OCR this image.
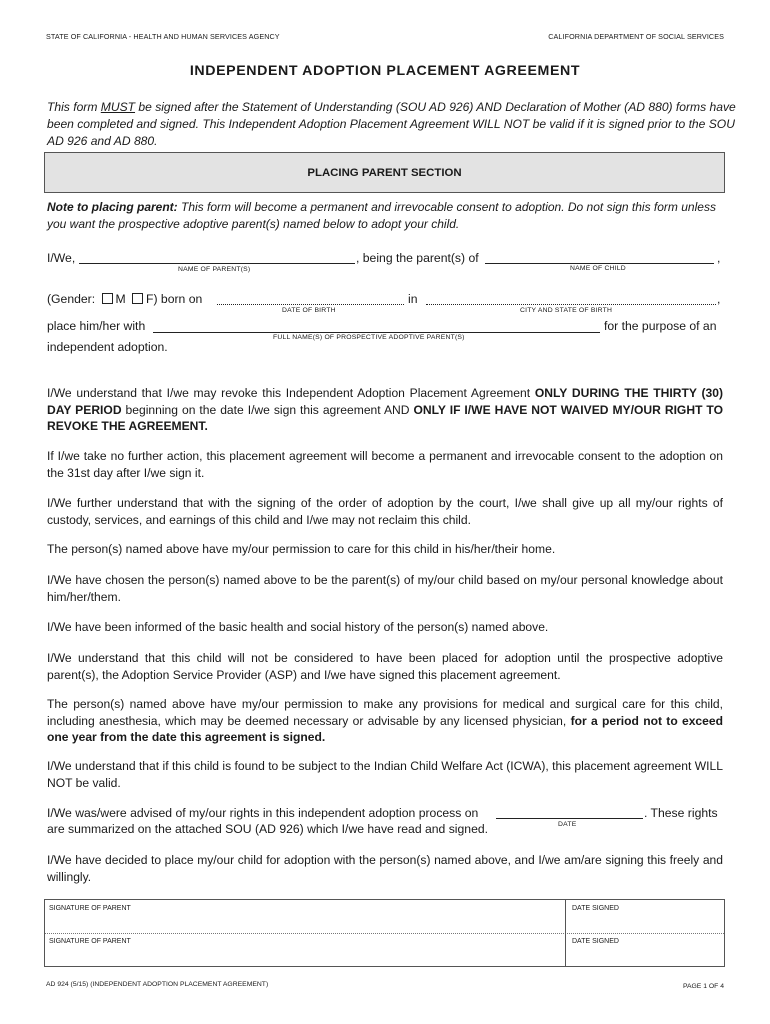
STATE OF CALIFORNIA - HEALTH AND HUMAN SERVICES AGENCY	CALIFORNIA DEPARTMENT OF SOCIAL SERVICES
INDEPENDENT ADOPTION PLACEMENT AGREEMENT
This form MUST be signed after the Statement of Understanding (SOU AD 926) AND Declaration of Mother (AD 880) forms have been completed and signed. This Independent Adoption Placement Agreement WILL NOT be valid if it is signed prior to the SOU AD 926 and AD 880.
PLACING PARENT SECTION
Note to placing parent: This form will become a permanent and irrevocable consent to adoption. Do not sign this form unless you want the prospective adoptive parent(s) named below to adopt your child.
I/We,	, being the parent(s) of	,
NAME OF PARENT(S)	NAME OF CHILD
(Gender: M F) born on	in	,
DATE OF BIRTH	CITY AND STATE OF BIRTH
place him/her with	for the purpose of an
FULL NAME(S) OF PROSPECTIVE ADOPTIVE PARENT(S)
independent adoption.
I/We understand that I/we may revoke this Independent Adoption Placement Agreement ONLY DURING THE THIRTY (30) DAY PERIOD beginning on the date I/we sign this agreement AND ONLY IF I/WE HAVE NOT WAIVED MY/OUR RIGHT TO REVOKE THE AGREEMENT.
If I/we take no further action, this placement agreement will become a permanent and irrevocable consent to the adoption on the 31st day after I/we sign it.
I/We further understand that with the signing of the order of adoption by the court, I/we shall give up all my/our rights of custody, services, and earnings of this child and I/we may not reclaim this child.
The person(s) named above have my/our permission to care for this child in his/her/their home.
I/We have chosen the person(s) named above to be the parent(s) of my/our child based on my/our personal knowledge about him/her/them.
I/We have been informed of the basic health and social history of the person(s) named above.
I/We understand that this child will not be considered to have been placed for adoption until the prospective adoptive parent(s), the Adoption Service Provider (ASP) and I/we have signed this placement agreement.
The person(s) named above have my/our permission to make any provisions for medical and surgical care for this child, including anesthesia, which may be deemed necessary or advisable by any licensed physician, for a period not to exceed one year from the date this agreement is signed.
I/We understand that if this child is found to be subject to the Indian Child Welfare Act (ICWA), this placement agreement WILL NOT be valid.
I/We was/were advised of my/our rights in this independent adoption process on	. These rights
are summarized on the attached SOU (AD 926) which I/we have read and signed.	DATE
I/We have decided to place my/our child for adoption with the person(s) named above, and I/we am/are signing this freely and willingly.
SIGNATURE OF PARENT	DATE SIGNED
SIGNATURE OF PARENT	DATE SIGNED
AD 924 (5/15) (INDEPENDENT ADOPTION PLACEMENT AGREEMENT)	PAGE 1 OF 4
